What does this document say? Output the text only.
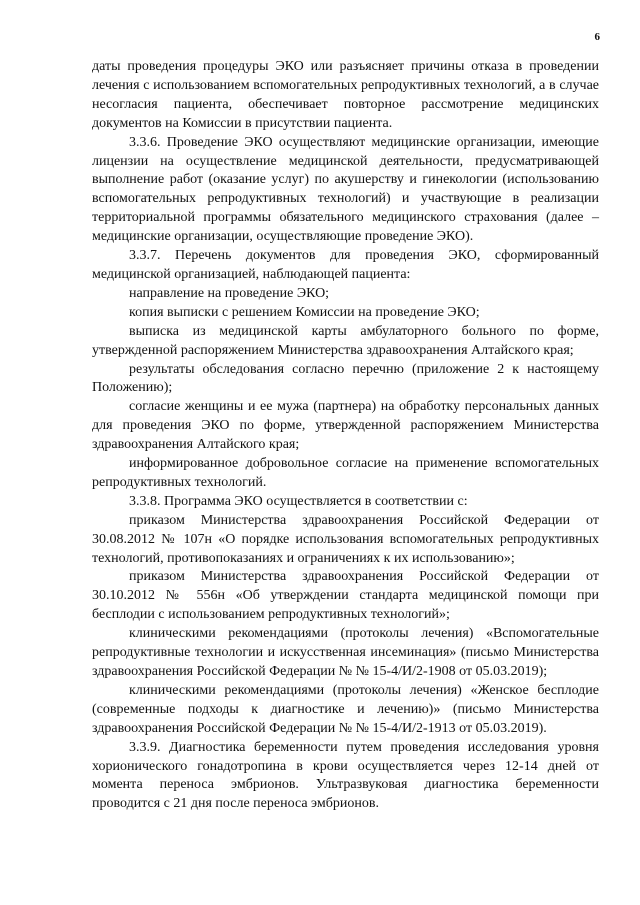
6

даты проведения процедуры ЭКО или разъясняет причины отказа в проведении лечения с использованием вспомогательных репродуктивных технологий, а в случае несогласия пациента, обеспечивает повторное рассмотрение медицинских документов на Комиссии в присутствии пациента.

3.3.6. Проведение ЭКО осуществляют медицинские организации, имеющие лицензии на осуществление медицинской деятельности, предусматривающей выполнение работ (оказание услуг) по акушерству и гинекологии (использованию вспомогательных репродуктивных технологий) и участвующие в реализации территориальной программы обязательного медицинского страхования (далее – медицинские организации, осуществляющие проведение ЭКО).

3.3.7. Перечень документов для проведения ЭКО, сформированный медицинской организацией, наблюдающей пациента:

направление на проведение ЭКО;

копия выписки с решением Комиссии на проведение ЭКО;

выписка из медицинской карты амбулаторного больного по форме, утвержденной распоряжением Министерства здравоохранения Алтайского края;

результаты обследования согласно перечню (приложение 2 к настоящему Положению);

согласие женщины и ее мужа (партнера) на обработку персональных данных для проведения ЭКО по форме, утвержденной распоряжением Министерства здравоохранения Алтайского края;

информированное добровольное согласие на применение вспомогательных репродуктивных технологий.

3.3.8. Программа ЭКО осуществляется в соответствии с:

приказом Министерства здравоохранения Российской Федерации от 30.08.2012 № 107н «О порядке использования вспомогательных репродуктивных технологий, противопоказаниях и ограничениях к их использованию»;

приказом Министерства здравоохранения Российской Федерации от 30.10.2012 № 556н «Об утверждении стандарта медицинской помощи при бесплодии с использованием репродуктивных технологий»;

клиническими рекомендациями (протоколы лечения) «Вспомогательные репродуктивные технологии и искусственная инсеминация» (письмо Министерства здравоохранения Российской Федерации № № 15-4/И/2-1908 от 05.03.2019);

клиническими рекомендациями (протоколы лечения) «Женское бесплодие (современные подходы к диагностике и лечению)» (письмо Министерства здравоохранения Российской Федерации № № 15-4/И/2-1913 от 05.03.2019).

3.3.9. Диагностика беременности путем проведения исследования уровня хорионического гонадотропина в крови осуществляется через 12-14 дней от момента переноса эмбрионов. Ультразвуковая диагностика беременности проводится с 21 дня после переноса эмбрионов.
